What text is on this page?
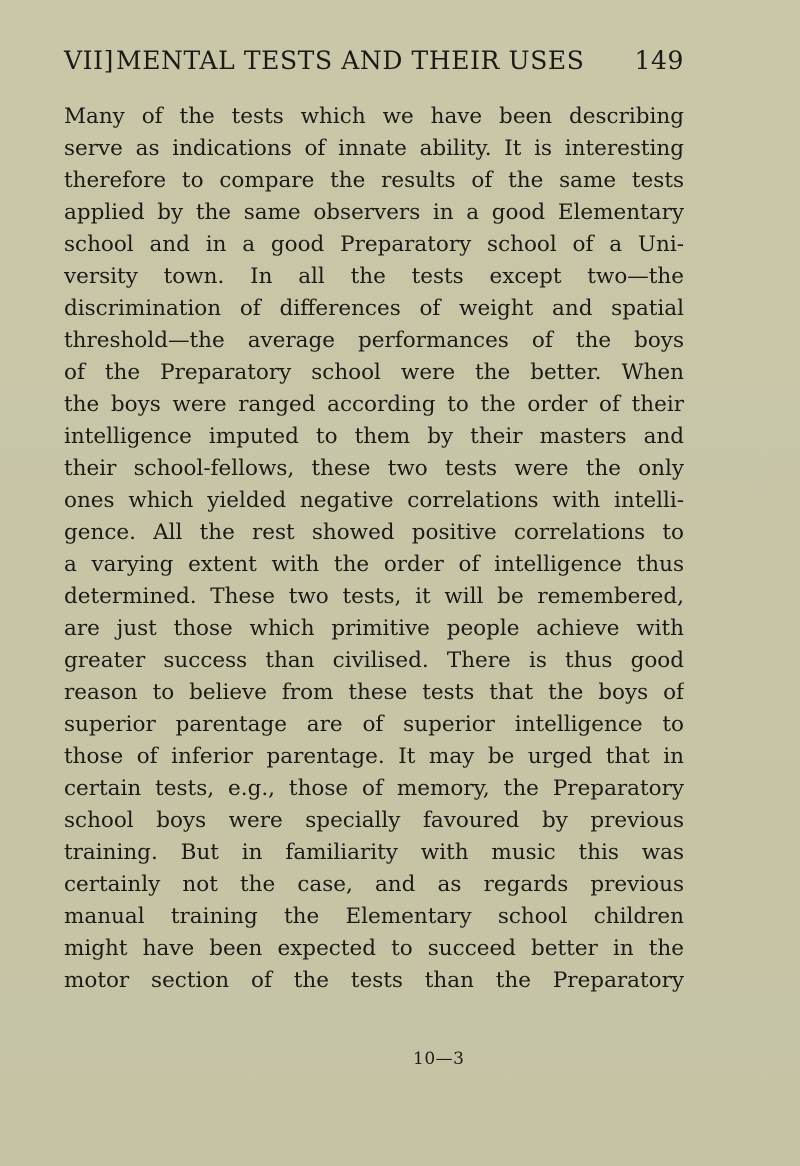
VII] MENTAL TESTS AND THEIR USES 149
Many of the tests which we have been describing
serve as indications of innate ability. It is interesting
therefore to compare the results of the same tests
applied by the same observers in a good Elementary
school and in a good Preparatory school of a Uni-
versity town. In all the tests except two—the
discrimination of differences of weight and spatial
threshold—the average performances of the boys
of the Preparatory school were the better. When
the boys were ranged according to the order of their
intelligence imputed to them by their masters and
their school-fellows, these two tests were the only
ones which yielded negative correlations with intelli-
gence. All the rest showed positive correlations to
a varying extent with the order of intelligence thus
determined. These two tests, it will be remembered,
are just those which primitive people achieve with
greater success than civilised. There is thus good
reason to believe from these tests that the boys of
superior parentage are of superior intelligence to
those of inferior parentage. It may be urged that in
certain tests, e.g., those of memory, the Preparatory
school boys were specially favoured by previous
training. But in familiarity with music this was
certainly not the case, and as regards previous
manual training the Elementary school children
might have been expected to succeed better in the
motor section of the tests than the Preparatory
10—3
